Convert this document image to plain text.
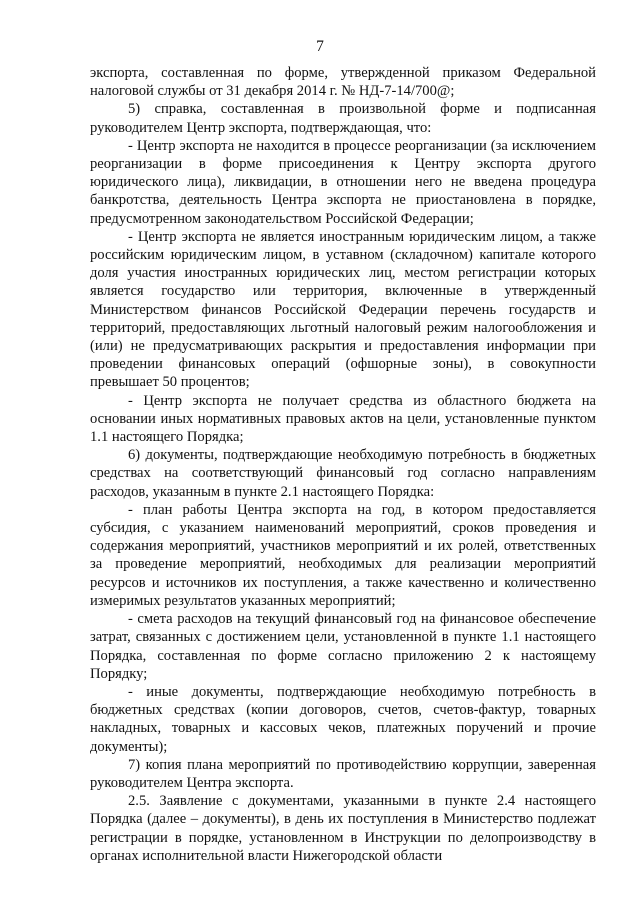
7

экспорта, составленная по форме, утвержденной приказом Федеральной налоговой службы от 31 декабря 2014 г. № НД-7-14/700@;

5) справка, составленная в произвольной форме и подписанная руководителем Центр экспорта, подтверждающая, что:

- Центр экспорта не находится в процессе реорганизации (за исключением реорганизации в форме присоединения к Центру экспорта другого юридического лица), ликвидации, в отношении него не введена процедура банкротства, деятельность Центра экспорта не приостановлена в порядке, предусмотренном законодательством Российской Федерации;

- Центр экспорта не является иностранным юридическим лицом, а также российским юридическим лицом, в уставном (складочном) капитале которого доля участия иностранных юридических лиц, местом регистрации которых является государство или территория, включенные в утвержденный Министерством финансов Российской Федерации перечень государств и территорий, предоставляющих льготный налоговый режим налогообложения и (или) не предусматривающих раскрытия и предоставления информации при проведении финансовых операций (офшорные зоны), в совокупности превышает 50 процентов;

- Центр экспорта не получает средства из областного бюджета на основании иных нормативных правовых актов на цели, установленные пунктом 1.1 настоящего Порядка;

6) документы, подтверждающие необходимую потребность в бюджетных средствах на соответствующий финансовый год согласно направлениям расходов, указанным в пункте 2.1 настоящего Порядка:

- план работы Центра экспорта на год, в котором предоставляется субсидия, с указанием наименований мероприятий, сроков проведения и содержания мероприятий, участников мероприятий и их ролей, ответственных за проведение мероприятий, необходимых для реализации мероприятий ресурсов и источников их поступления, а также качественно и количественно измеримых результатов указанных мероприятий;

- смета расходов на текущий финансовый год на финансовое обеспечение затрат, связанных с достижением цели, установленной в пункте 1.1 настоящего Порядка, составленная по форме согласно приложению 2 к настоящему Порядку;

- иные документы, подтверждающие необходимую потребность в бюджетных средствах (копии договоров, счетов, счетов-фактур, товарных накладных, товарных и кассовых чеков, платежных поручений и прочие документы);

7) копия плана мероприятий по противодействию коррупции, заверенная руководителем Центра экспорта.

2.5. Заявление с документами, указанными в пункте 2.4 настоящего Порядка (далее – документы), в день их поступления в Министерство подлежат регистрации в порядке, установленном в Инструкции по делопроизводству в органах исполнительной власти Нижегородской области
